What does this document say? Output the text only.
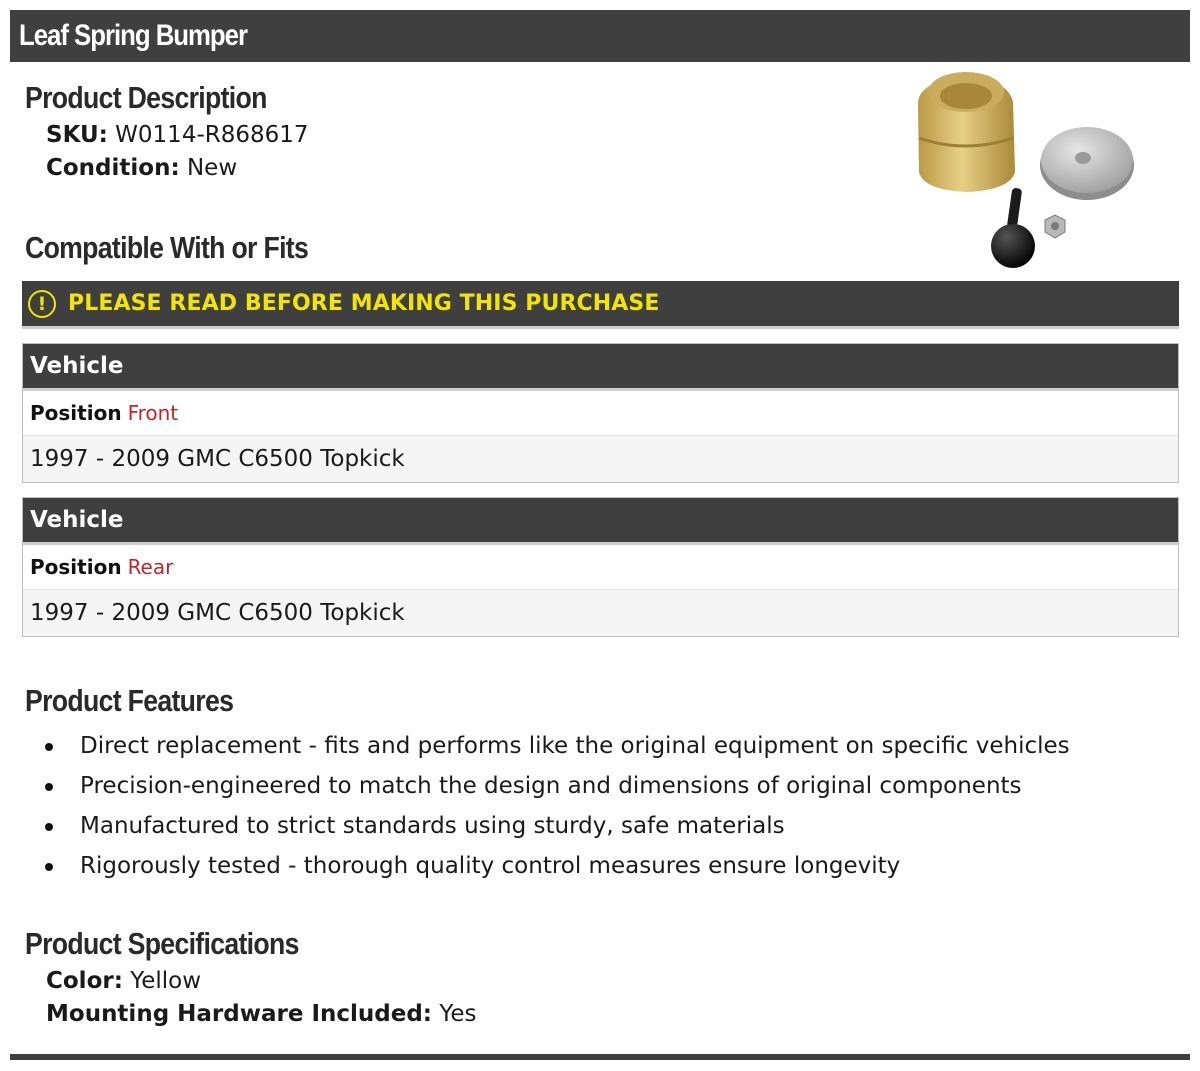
Leaf Spring Bumper
Product Description
SKU: W0114-R868617
Condition: New
Compatible With or Fits
! PLEASE READ BEFORE MAKING THIS PURCHASE
Vehicle
Position Front
1997 - 2009 GMC C6500 Topkick
Vehicle
Position Rear
1997 - 2009 GMC C6500 Topkick
Product Features
Direct replacement - fits and performs like the original equipment on specific vehicles
Precision-engineered to match the design and dimensions of original components
Manufactured to strict standards using sturdy, safe materials
Rigorously tested - thorough quality control measures ensure longevity
Product Specifications
Color: Yellow
Mounting Hardware Included: Yes
